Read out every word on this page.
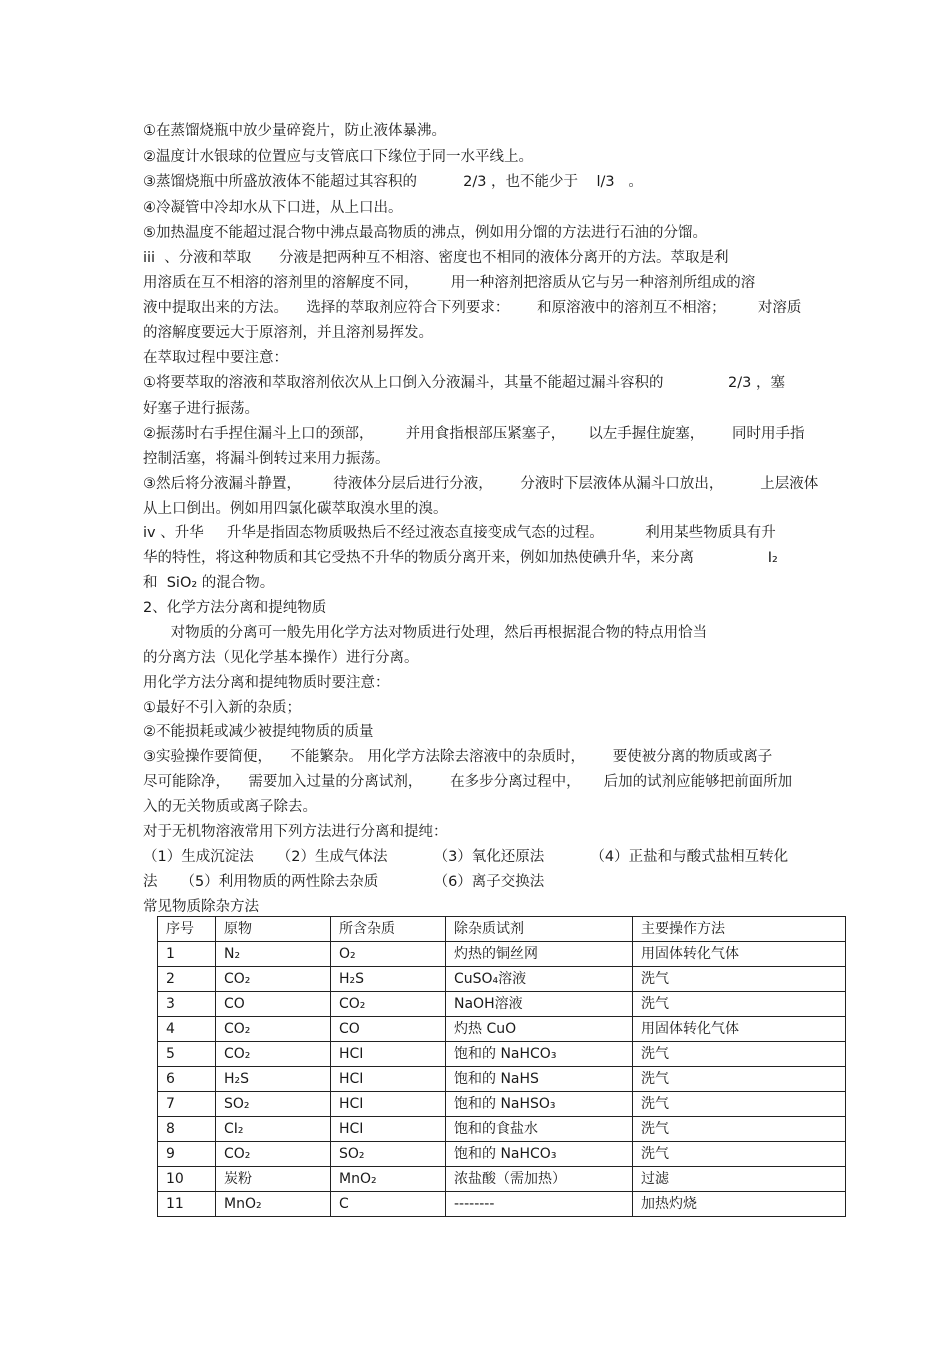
①在蒸馏烧瓶中放少量碎瓷片，防止液体暴沸。
②温度计水银球的位置应与支管底口下缘位于同一水平线上。
③蒸馏烧瓶中所盛放液体不能超过其容积的          2/3 ，也不能少于    l/3   。
④冷凝管中冷却水从下口进，从上口出。
⑤加热温度不能超过混合物中沸点最高物质的沸点，例如用分馏的方法进行石油的分馏。
iii  、分液和萃取      分液是把两种互不相溶、密度也不相同的液体分离开的方法。萃取是利
用溶质在互不相溶的溶剂里的溶解度不同，       用一种溶剂把溶质从它与另一种溶剂所组成的溶
液中提取出来的方法。    选择的萃取剂应符合下列要求：      和原溶液中的溶剂互不相溶；       对溶质
的溶解度要远大于原溶剂，并且溶剂易挥发。
在萃取过程中要注意：
①将要萃取的溶液和萃取溶剂依次从上口倒入分液漏斗，其量不能超过漏斗容积的              2/3 ，塞
好塞子进行振荡。
②振荡时右手捏住漏斗上口的颈部，       并用食指根部压紧塞子，     以左手握住旋塞，      同时用手指
控制活塞，将漏斗倒转过来用力振荡。
③然后将分液漏斗静置，       待液体分层后进行分液，      分液时下层液体从漏斗口放出，        上层液体
从上口倒出。例如用四氯化碳萃取溴水里的溴。
iv 、升华     升华是指固态物质吸热后不经过液态直接变成气态的过程。         利用某些物质具有升
华的特性，将这种物质和其它受热不升华的物质分离开来，例如加热使碘升华，来分离                I₂
和  SiO₂ 的混合物。
2、化学方法分离和提纯物质
对物质的分离可一般先用化学方法对物质进行处理，然后再根据混合物的特点用恰当
的分离方法（见化学基本操作）进行分离。
用化学方法分离和提纯物质时要注意：
①最好不引入新的杂质；
②不能损耗或减少被提纯物质的质量
③实验操作要简便，    不能繁杂。 用化学方法除去溶液中的杂质时，      要使被分离的物质或离子
尽可能除净，    需要加入过量的分离试剂，      在多步分离过程中，     后加的试剂应能够把前面所加
入的无关物质或离子除去。
对于无机物溶液常用下列方法进行分离和提纯：
（1）生成沉淀法     （2）生成气体法          （3）氧化还原法          （4）正盐和与酸式盐相互转化
法     （5）利用物质的两性除去杂质            （6）离子交换法
常见物质除杂方法
序号	原物	所含杂质	除杂质试剂	主要操作方法
1	N₂	O₂	灼热的铜丝网	用固体转化气体
2	CO₂	H₂S	CuSO₄溶液	洗气
3	CO	CO₂	NaOH溶液	洗气
4	CO₂	CO	灼热 CuO	用固体转化气体
5	CO₂	HCI	饱和的 NaHCO₃	洗气
6	H₂S	HCI	饱和的 NaHS	洗气
7	SO₂	HCI	饱和的 NaHSO₃	洗气
8	CI₂	HCI	饱和的食盐水	洗气
9	CO₂	SO₂	饱和的 NaHCO₃	洗气
10	炭粉	MnO₂	浓盐酸（需加热）	过滤
11	MnO₂	C	--------	加热灼烧
